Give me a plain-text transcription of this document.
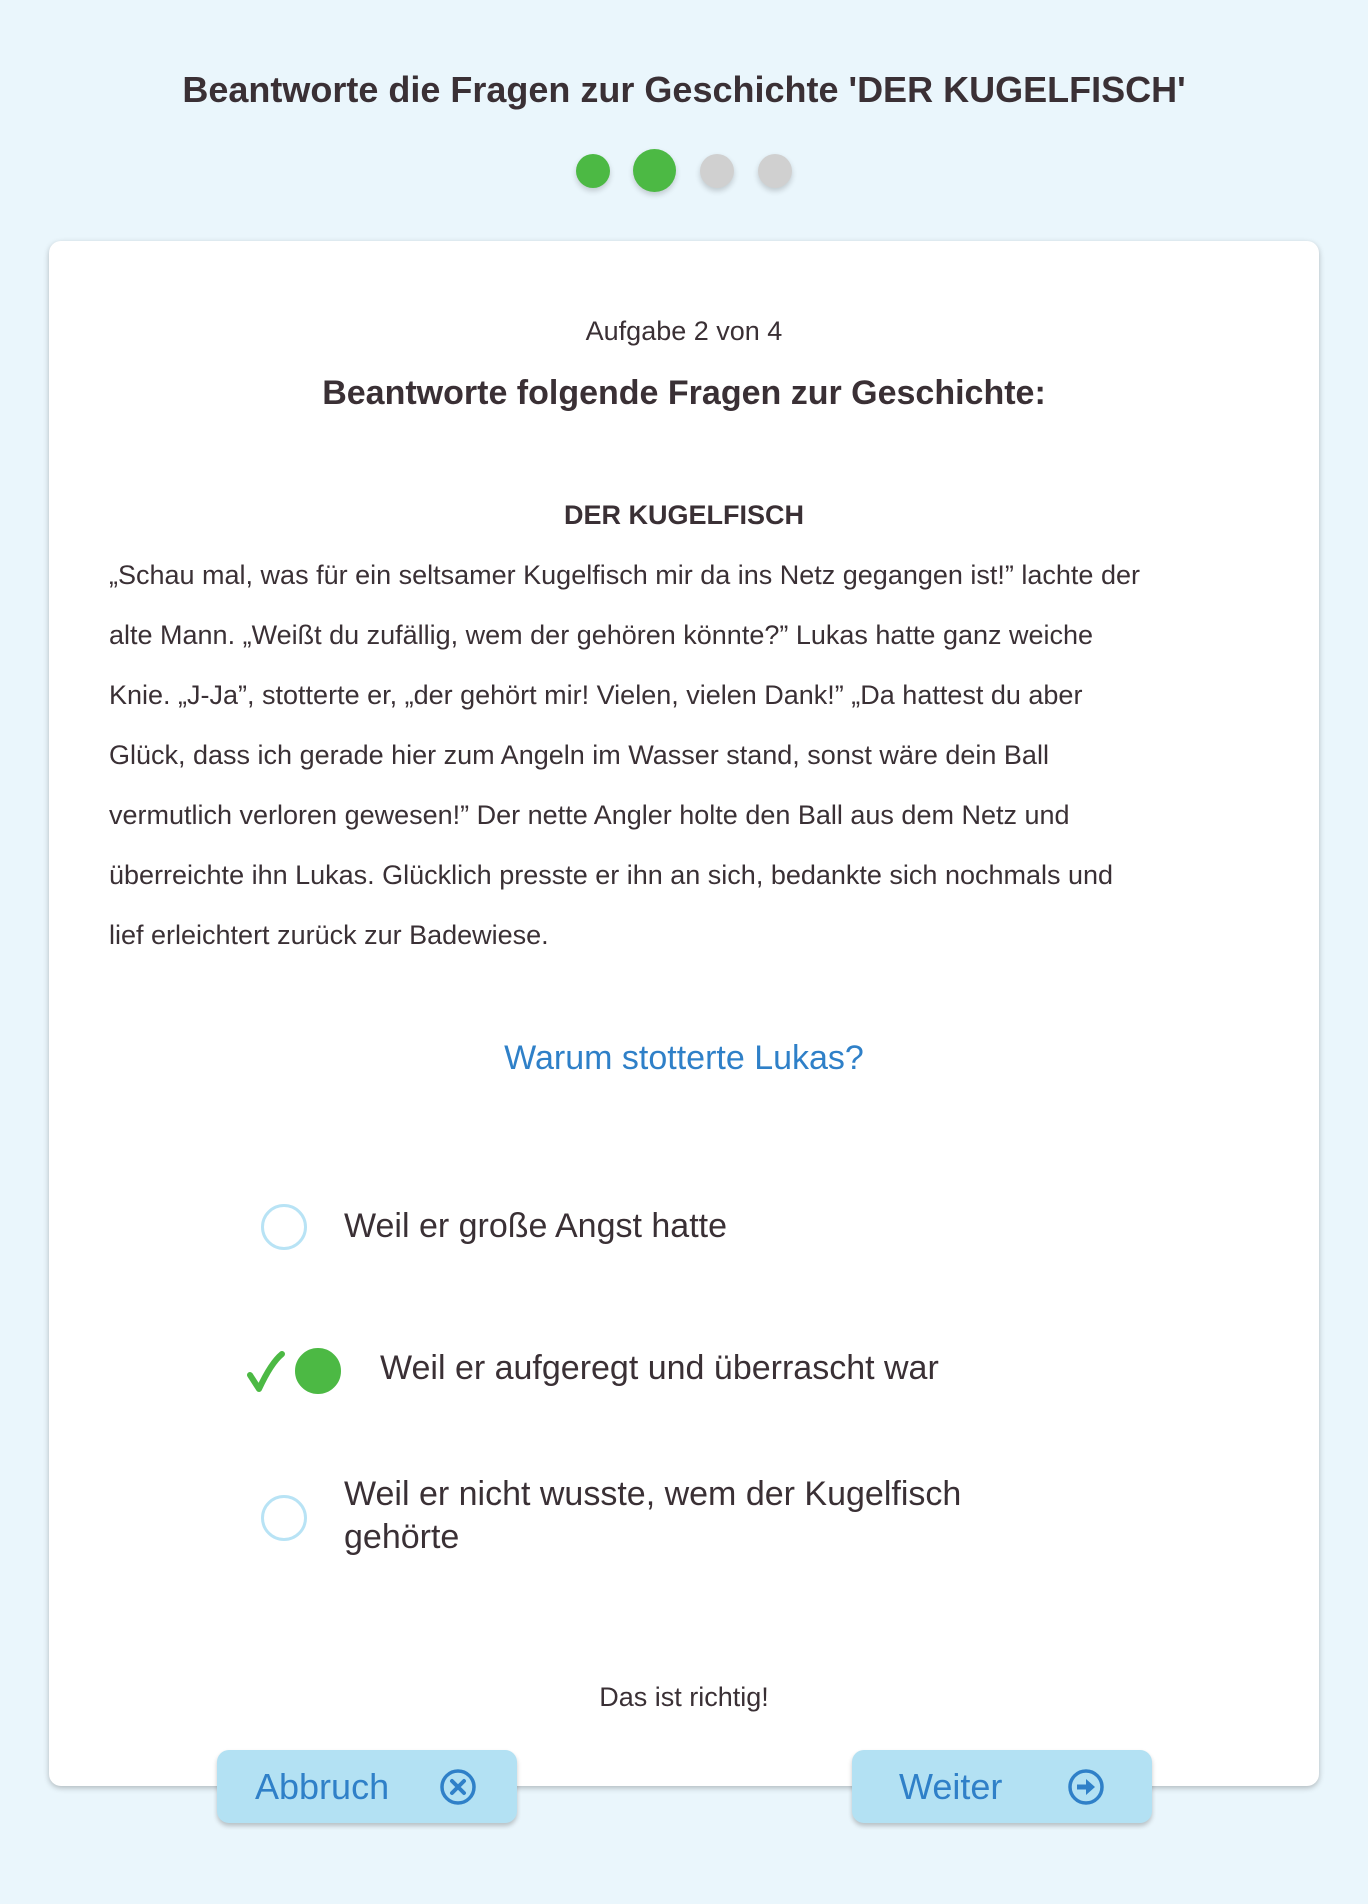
Beantworte die Fragen zur Geschichte 'DER KUGELFISCH'
Aufgabe 2 von 4
Beantworte folgende Fragen zur Geschichte:
DER KUGELFISCH
„Schau mal, was für ein seltsamer Kugelfisch mir da ins Netz gegangen ist!” lachte der
alte Mann. „Weißt du zufällig, wem der gehören könnte?” Lukas hatte ganz weiche
Knie. „J-Ja”, stotterte er, „der gehört mir! Vielen, vielen Dank!” „Da hattest du aber
Glück, dass ich gerade hier zum Angeln im Wasser stand, sonst wäre dein Ball
vermutlich verloren gewesen!” Der nette Angler holte den Ball aus dem Netz und
überreichte ihn Lukas. Glücklich presste er ihn an sich, bedankte sich nochmals und
lief erleichtert zurück zur Badewiese.
Warum stotterte Lukas?
Weil er große Angst hatte
Weil er aufgeregt und überrascht war
Weil er nicht wusste, wem der Kugelfisch
gehörte
Das ist richtig!
Abbruch	Weiter
